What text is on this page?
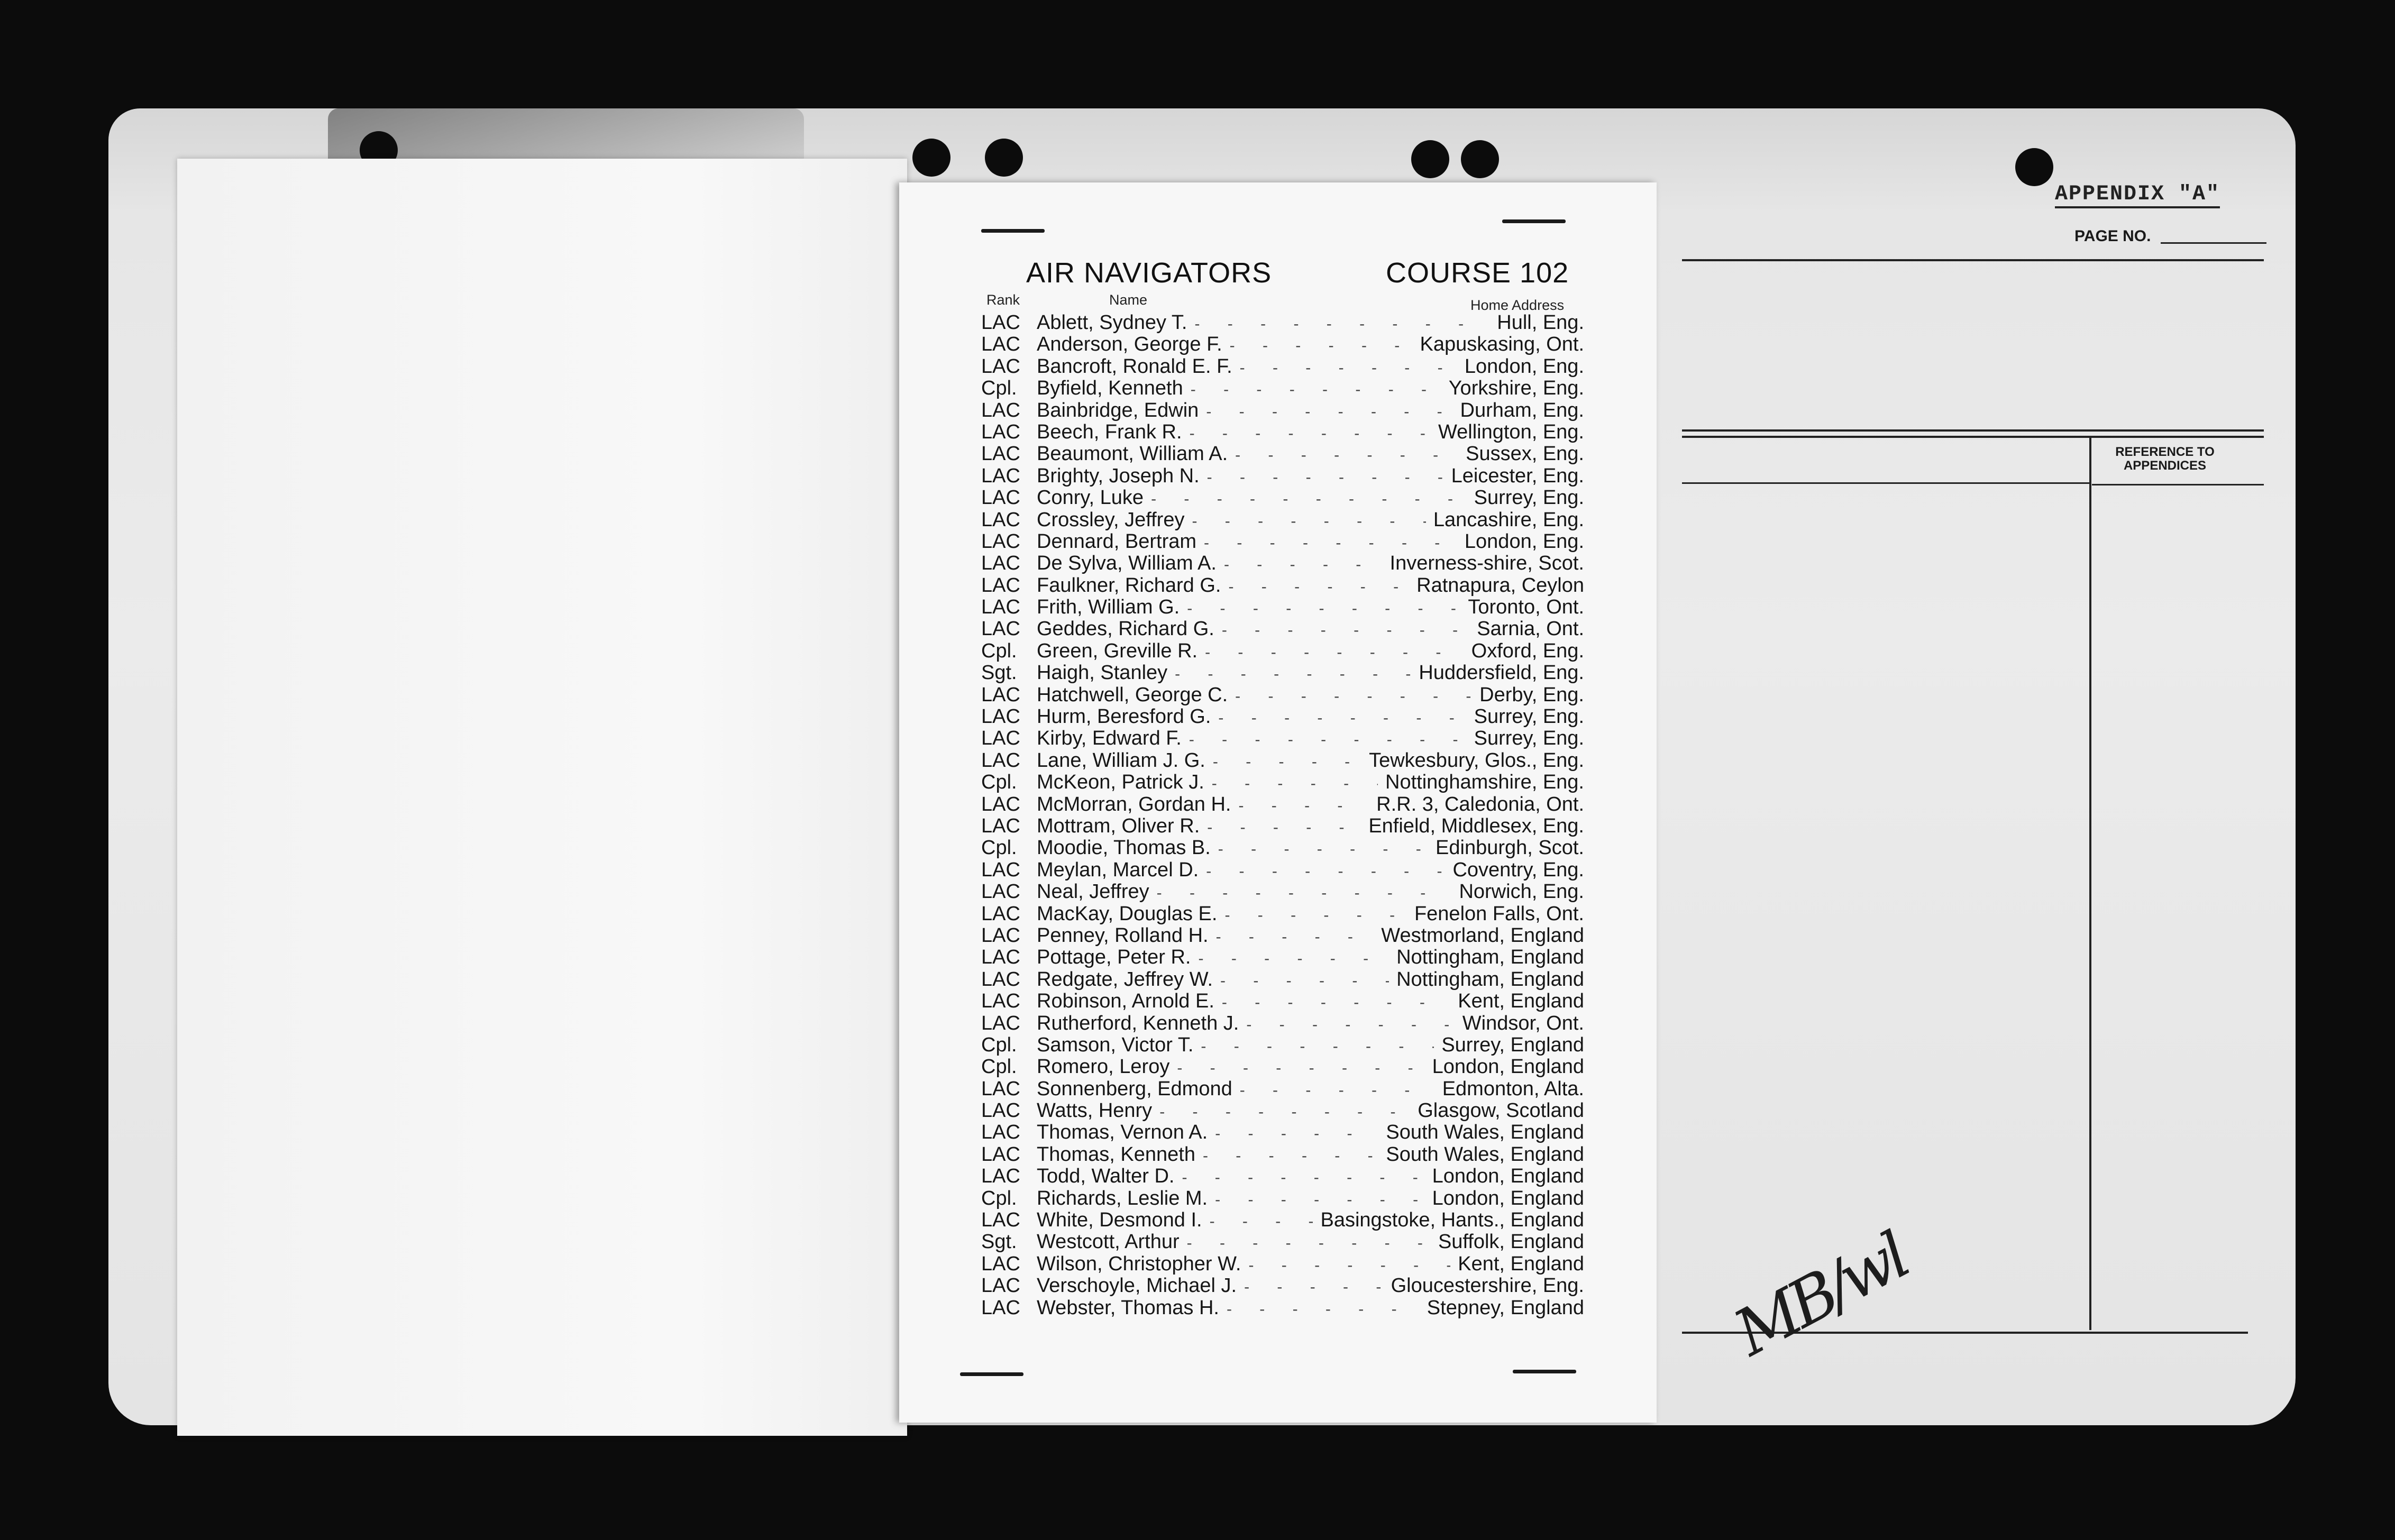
APPENDIX "A"
PAGE NO.
REFERENCE TO
APPENDICES
MB/wl
AIR NAVIGATORS	COURSE 102
Rank	Name	Home Address
LAC Ablett, Sydney T. - - -	Hull, Eng.
LAC Anderson, George F. - - -	Kapuskasing, Ont.
LAC Bancroft, Ronald E. F. - - -	London, Eng.
Cpl. Byfield, Kenneth - - -	Yorkshire, Eng.
LAC Bainbridge, Edwin - - -	Durham, Eng.
LAC Beech, Frank R. - - -	Wellington, Eng.
LAC Beaumont, William A. - - -	Sussex, Eng.
LAC Brighty, Joseph N. - - -	Leicester, Eng.
LAC Conry, Luke - - -	Surrey, Eng.
LAC Crossley, Jeffrey - - -	Lancashire, Eng.
LAC Dennard, Bertram - - -	London, Eng.
LAC De Sylva, William A. - - -	Inverness-shire, Scot.
LAC Faulkner, Richard G. - - -	Ratnapura, Ceylon
LAC Frith, William G. - - -	Toronto, Ont.
LAC Geddes, Richard G. - - -	Sarnia, Ont.
Cpl. Green, Greville R. - - -	Oxford, Eng.
Sgt. Haigh, Stanley - - -	Huddersfield, Eng.
LAC Hatchwell, George C. - - -	Derby, Eng.
LAC Hurm, Beresford G. - - -	Surrey, Eng.
LAC Kirby, Edward F. - - -	Surrey, Eng.
LAC Lane, William J. G. - - -	Tewkesbury, Glos., Eng.
Cpl. McKeon, Patrick J. - - -	Nottinghamshire, Eng.
LAC McMorran, Gordan H. - - -	R.R. 3, Caledonia, Ont.
LAC Mottram, Oliver R. - - -	Enfield, Middlesex, Eng.
Cpl. Moodie, Thomas B. - - -	Edinburgh, Scot.
LAC Meylan, Marcel D. - - -	Coventry, Eng.
LAC Neal, Jeffrey - - -	Norwich, Eng.
LAC MacKay, Douglas E. - - -	Fenelon Falls, Ont.
LAC Penney, Rolland H. - - -	Westmorland, England
LAC Pottage, Peter R. - - -	Nottingham, England
LAC Redgate, Jeffrey W. - - -	Nottingham, England
LAC Robinson, Arnold E. - - -	Kent, England
LAC Rutherford, Kenneth J. - - -	Windsor, Ont.
Cpl. Samson, Victor T. - - -	Surrey, England
Cpl. Romero, Leroy - - -	London, England
LAC Sonnenberg, Edmond - - -	Edmonton, Alta.
LAC Watts, Henry - - -	Glasgow, Scotland
LAC Thomas, Vernon A. - - -	South Wales, England
LAC Thomas, Kenneth - - -	South Wales, England
LAC Todd, Walter D. - - -	London, England
Cpl. Richards, Leslie M. - - -	London, England
LAC White, Desmond I. - - -	Basingstoke, Hants., England
Sgt. Westcott, Arthur - - -	Suffolk, England
LAC Wilson, Christopher W. - - -	Kent, England
LAC Verschoyle, Michael J. - - -	Gloucestershire, Eng.
LAC Webster, Thomas H. - - -	Stepney, England
